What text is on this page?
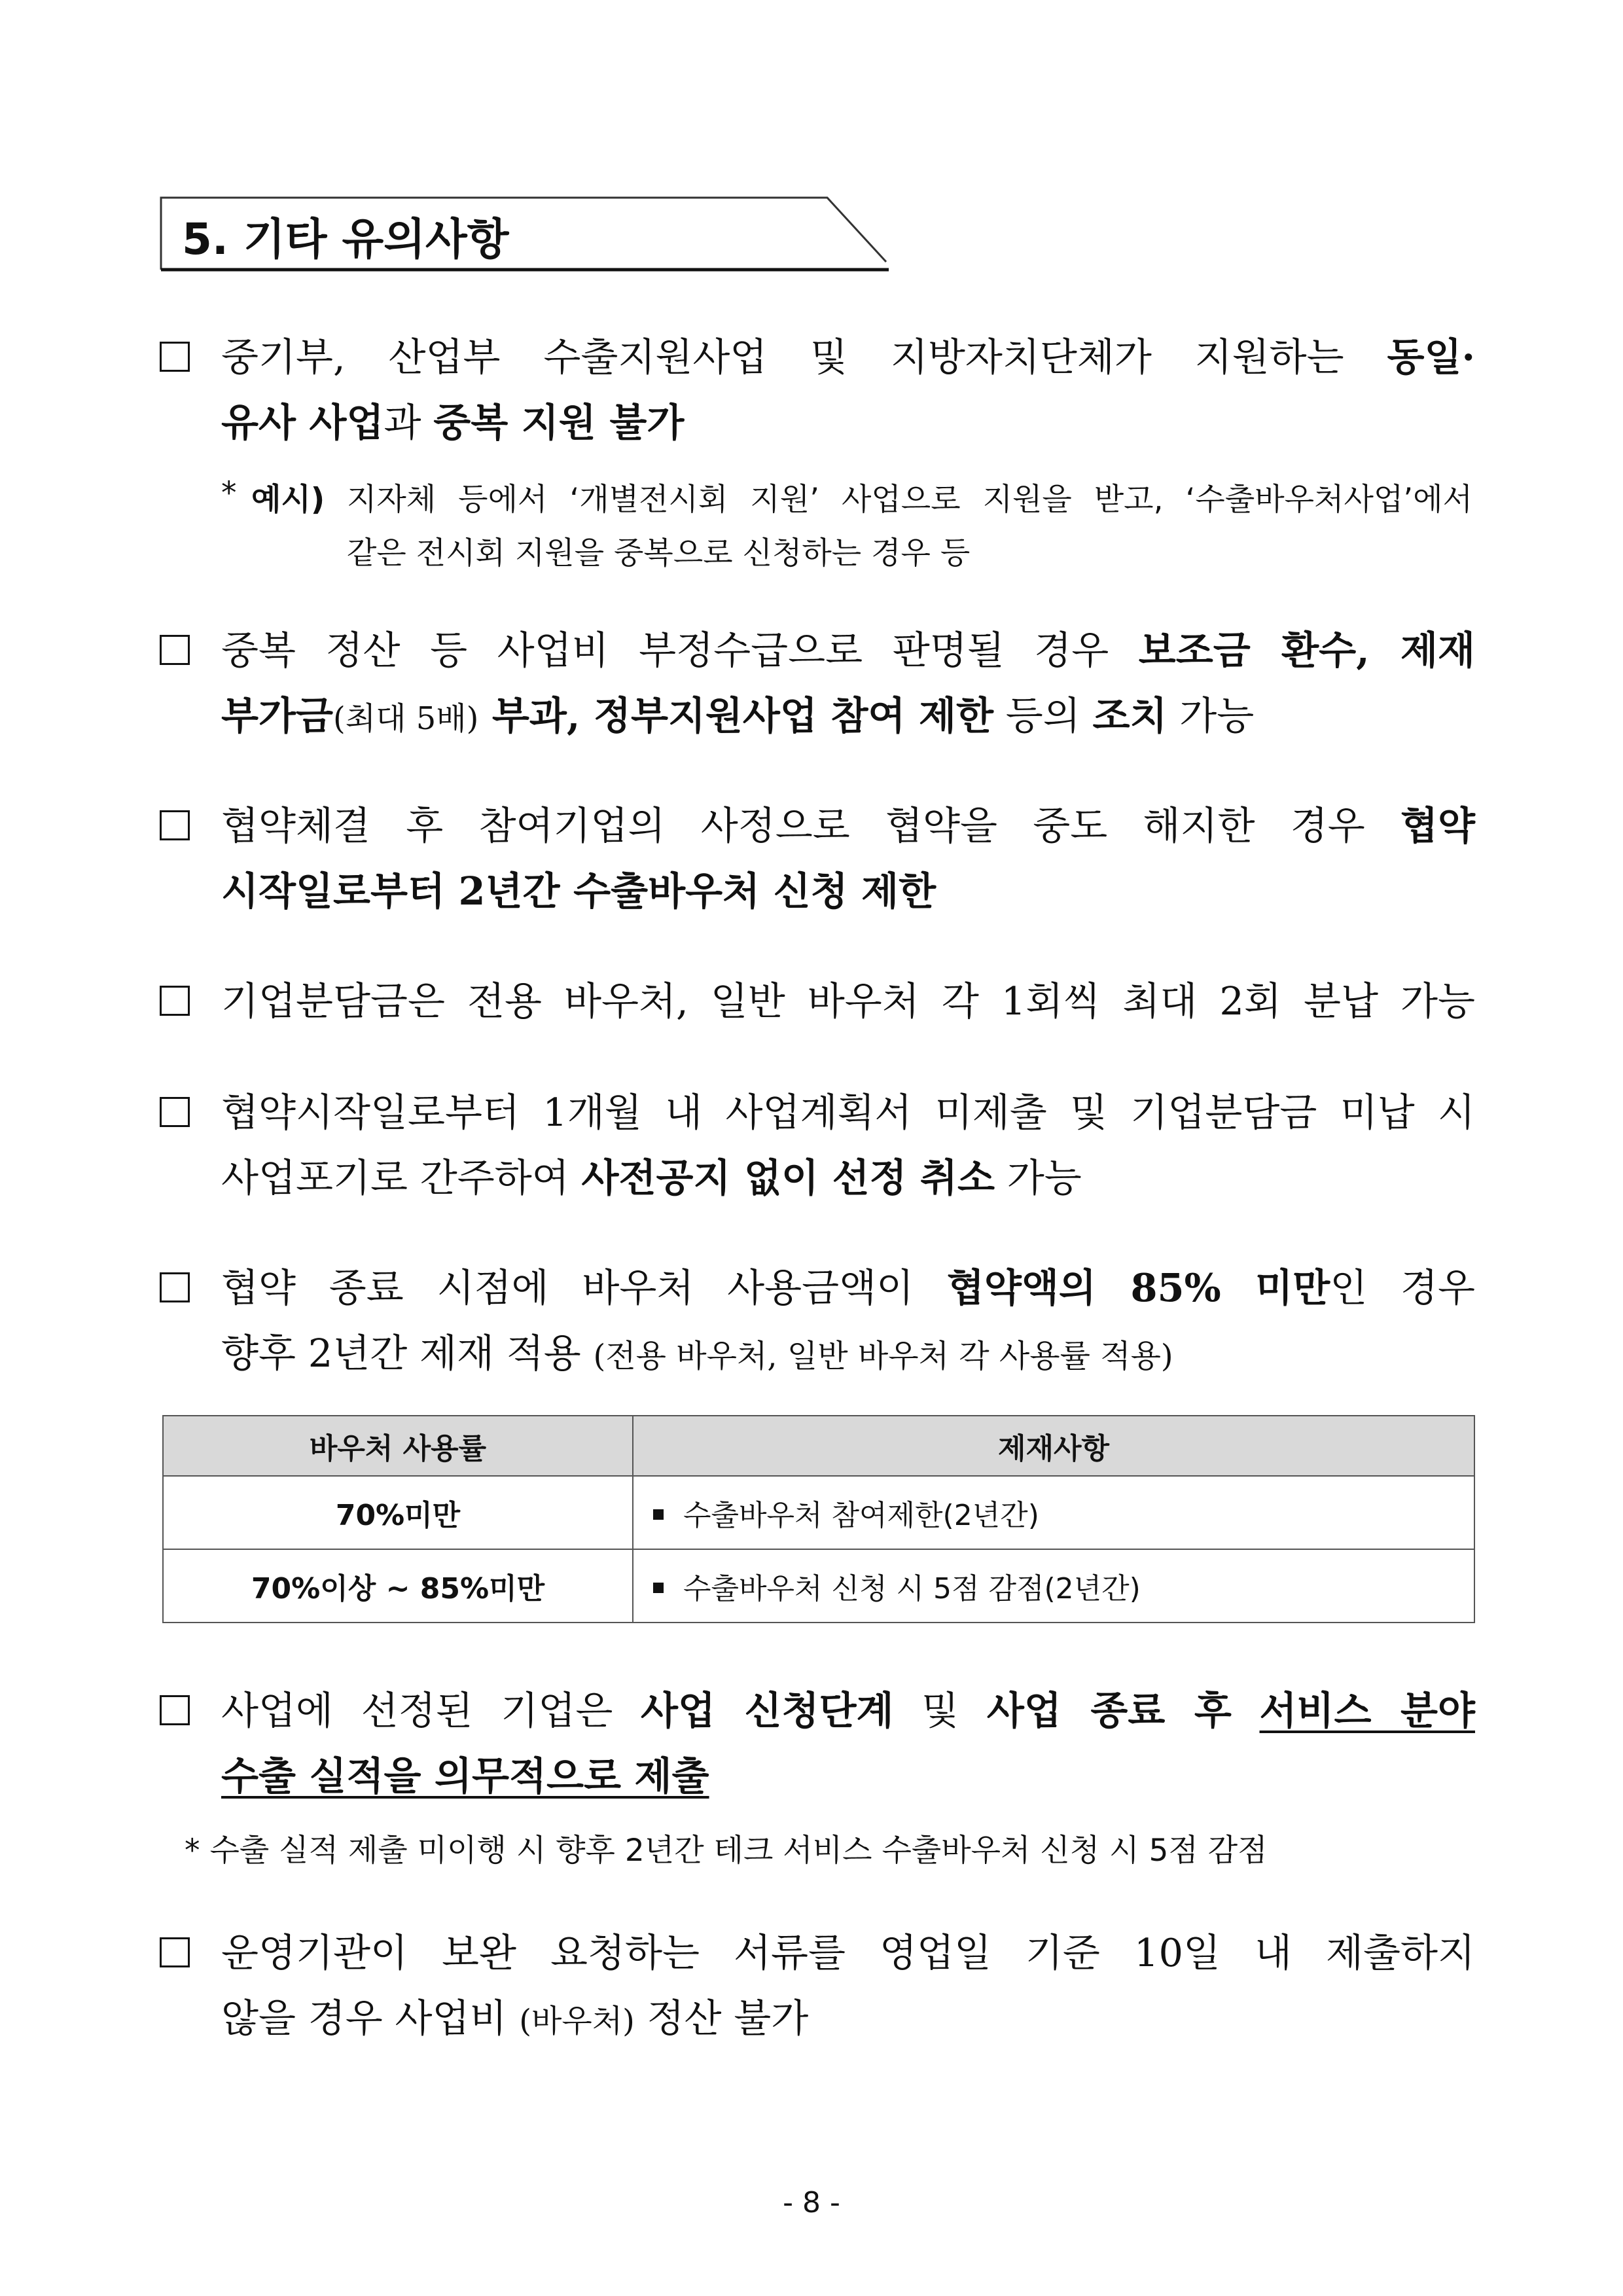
5. 기타 유의사항
중기부, 산업부 수출지원사업 및 지방자치단체가 지원하는 동일·
유사 사업과 중복 지원 불가
* 예시) 지자체 등에서 ‘개별전시회 지원’ 사업으로 지원을 받고, ‘수출바우처사업’에서
같은 전시회 지원을 중복으로 신청하는 경우 등
중복 정산 등 사업비 부정수급으로 판명될 경우 보조금 환수, 제재
부가금(최대 5배) 부과, 정부지원사업 참여 제한 등의 조치 가능
협약체결 후 참여기업의 사정으로 협약을 중도 해지한 경우 협약
시작일로부터 2년간 수출바우처 신청 제한
기업분담금은 전용 바우처, 일반 바우처 각 1회씩 최대 2회 분납 가능
협약시작일로부터 1개월 내 사업계획서 미제출 및 기업분담금 미납 시
사업포기로 간주하여 사전공지 없이 선정 취소 가능
협약 종료 시점에 바우처 사용금액이 협약액의 85% 미만인 경우
향후 2년간 제재 적용 (전용 바우처, 일반 바우처 각 사용률 적용)
바우처 사용률	제재사항
70%미만	수출바우처 참여제한(2년간)
70%이상 ~ 85%미만	수출바우처 신청 시 5점 감점(2년간)
사업에 선정된 기업은 사업 신청단계 및 사업 종료 후 서비스 분야
수출 실적을 의무적으로 제출
* 수출 실적 제출 미이행 시 향후 2년간 테크 서비스 수출바우처 신청 시 5점 감점
운영기관이 보완 요청하는 서류를 영업일 기준 10일 내 제출하지
않을 경우 사업비 (바우처) 정산 불가
- 8 -
